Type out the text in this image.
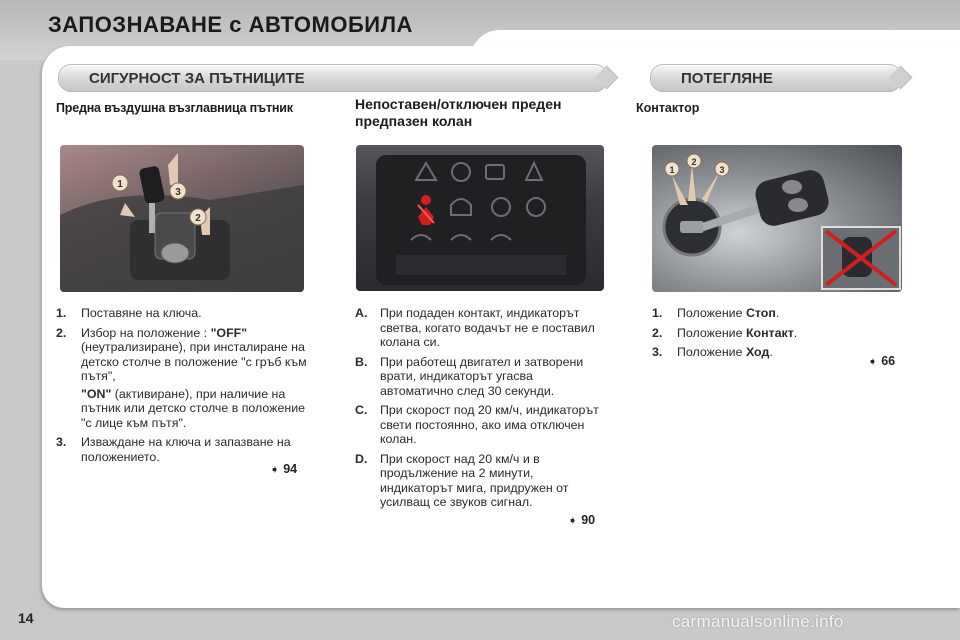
ЗАПОЗНАВАНЕ с АВТОМОБИЛА
СИГУРНОСТ ЗА ПЪТНИЦИТЕ	ПОТЕГЛЯНЕ
Предна въздушна възглавница пътник	Непоставен/отключен преден предпазен колан
Контактор
1
3
2
1
2
3
1.	Поставяне на ключа.
2.	Избор на положение : "OFF" (неутрализиране), при инсталиране на детско столче в положение "с гръб към пътя",
"ON" (активиране), при наличие на пътник или детско столче в положение "с лице към пътя".
3.	Изваждане на ключа и запазване на положението.
➧ 94
A.	При подаден контакт, индикаторът светва, когато водачът не е поставил колана си.
B.	При работещ двигател и затворени врати, индикаторът угасва автоматично след 30 секунди.
C.	При скорост под 20 км/ч, индикаторът свети постоянно, ако има отключен колан.
D.	При скорост над 20 км/ч и в продължение на 2 минути, индикаторът мига, придружен от усилващ се звуков сигнал.
➧ 90
1.	Положение Стоп.
2.	Положение Контакт.
3.	Положение Ход.
➧ 66
14	carmanualsonline.info
